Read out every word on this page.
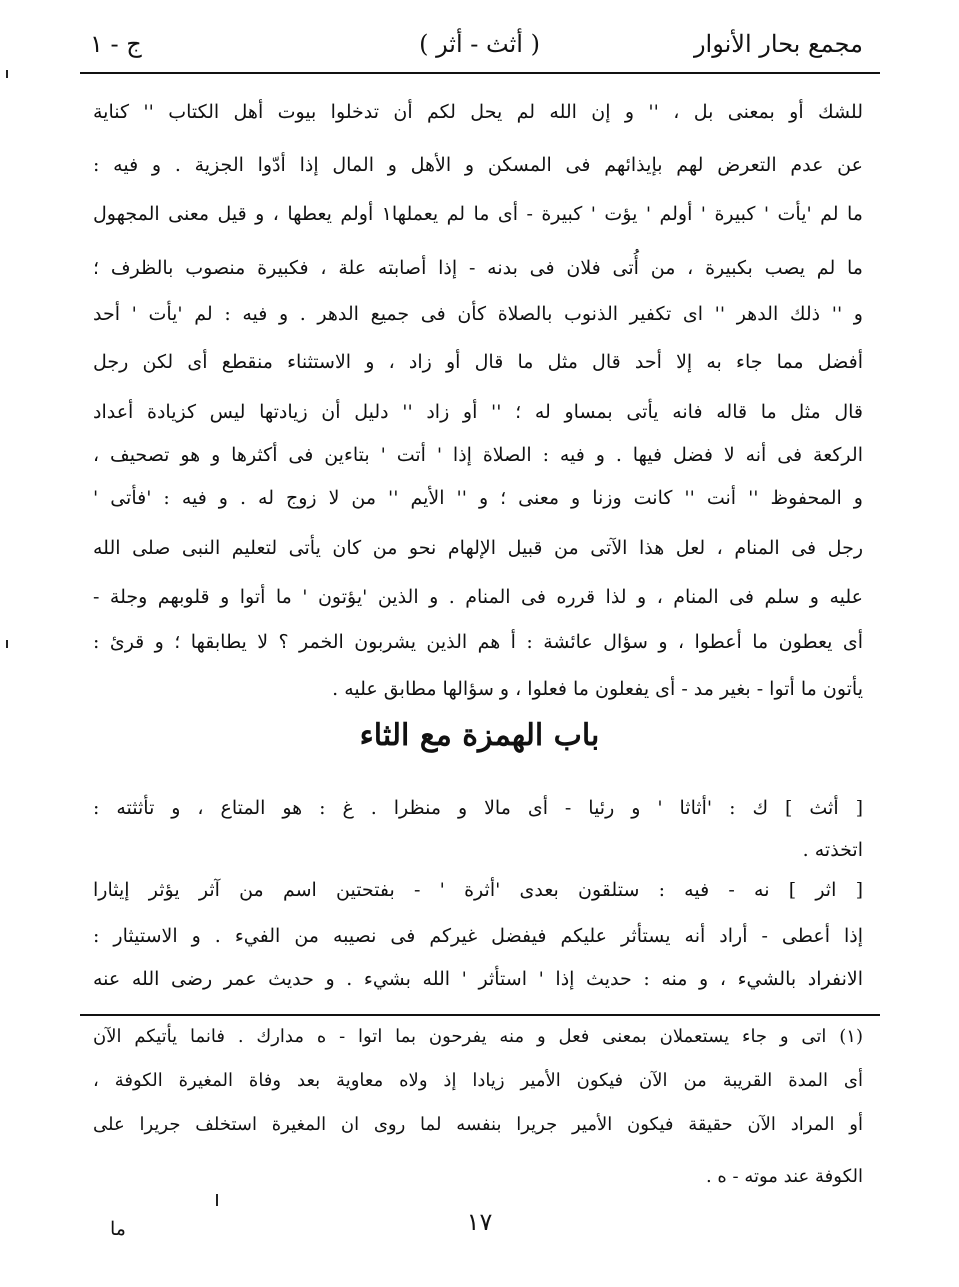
مجمع بحار الأنوار
( أثث - أثر )
ج - ١
للشك أو بمعنى بل ، '' و إن الله لم يحل لكم أن تدخلوا بيوت أهل الكتاب '' كناية
عن عدم التعرض لهم بإيذائهم فى المسكن و الأهل و المال إذا أدّوا الجزية . و فيه :
ما لم 'يأت ' كبيرة ' أولم ' يؤت ' كبيرة - أى ما لم يعملها١ أولم يعطها ، و قيل معنى المجهول
ما لم يصب بكبيرة ، من أُتى فلان فى بدنه - إذا أصابته علة ، فكبيرة منصوب بالظرف ؛
و '' ذلك الدهر '' اى تكفير الذنوب بالصلاة كأن فى جميع الدهر . و فيه : لم 'يأت ' أحد
أفضل مما جاء به إلا أحد قال مثل ما قال أو زاد ، و الاستثناء منقطع أى لكن رجل
قال مثل ما قاله فانه يأتى بمساو له ؛ '' أو زاد '' دليل أن زيادتها ليس كزيادة أعداد
الركعة فى أنه لا فضل فيها . و فيه : الصلاة إذا ' أتت ' بتاءين فى أكثرها و هو تصحيف ،
و المحفوظ '' أنت '' كانت وزنا و معنى ؛ و '' الأيم '' من لا زوج له . و فيه : 'فأتى '
رجل فى المنام ، لعل هذا الآتى من قبيل الإلهام نحو من كان يأتى لتعليم النبى صلى الله
عليه و سلم فى المنام ، و لذا قرره فى المنام . و الذين 'يؤتون ' ما أتوا و قلوبهم وجلة -
أى يعطون ما أعطوا ، و سؤال عائشة : أ هم الذين يشربون الخمر ؟ لا يطابقها ؛ و قرئ :
يأتون ما أتوا - بغير مد - أى يفعلون ما فعلوا ، و سؤالها مطابق عليه .
باب الهمزة مع الثاء
[ أثث ] ك : 'أثاثا ' و رئيا - أى مالا و منظرا . غ : هو المتاع ، و تأثثته :
اتخذته .
[ اثر ] نه - فيه : ستلقون بعدى 'أثرة ' - بفتحتين اسم من آثر يؤثر إيثارا
إذا أعطى - أراد أنه يستأثر عليكم فيفضل غيركم فى نصيبه من الفيء . و الاستيثار :
الانفراد بالشيء ، و منه : حديث إذا ' استأثر ' الله بشيء . و حديث عمر رضى الله عنه
(١) اتى و جاء يستعملان بمعنى فعل و منه يفرحون بما اتوا - ه مدارك . فانما يأتيكم الآن
أى المدة القريبة من الآن فيكون الأمير زيادا إذ ولاه معاوية بعد وفاة المغيرة الكوفة ،
أو المراد الآن حقيقة فيكون الأمير جريرا بنفسه لما روى ان المغيرة استخلف جريرا على
الكوفة عند موته - ه .
١٧
ما
